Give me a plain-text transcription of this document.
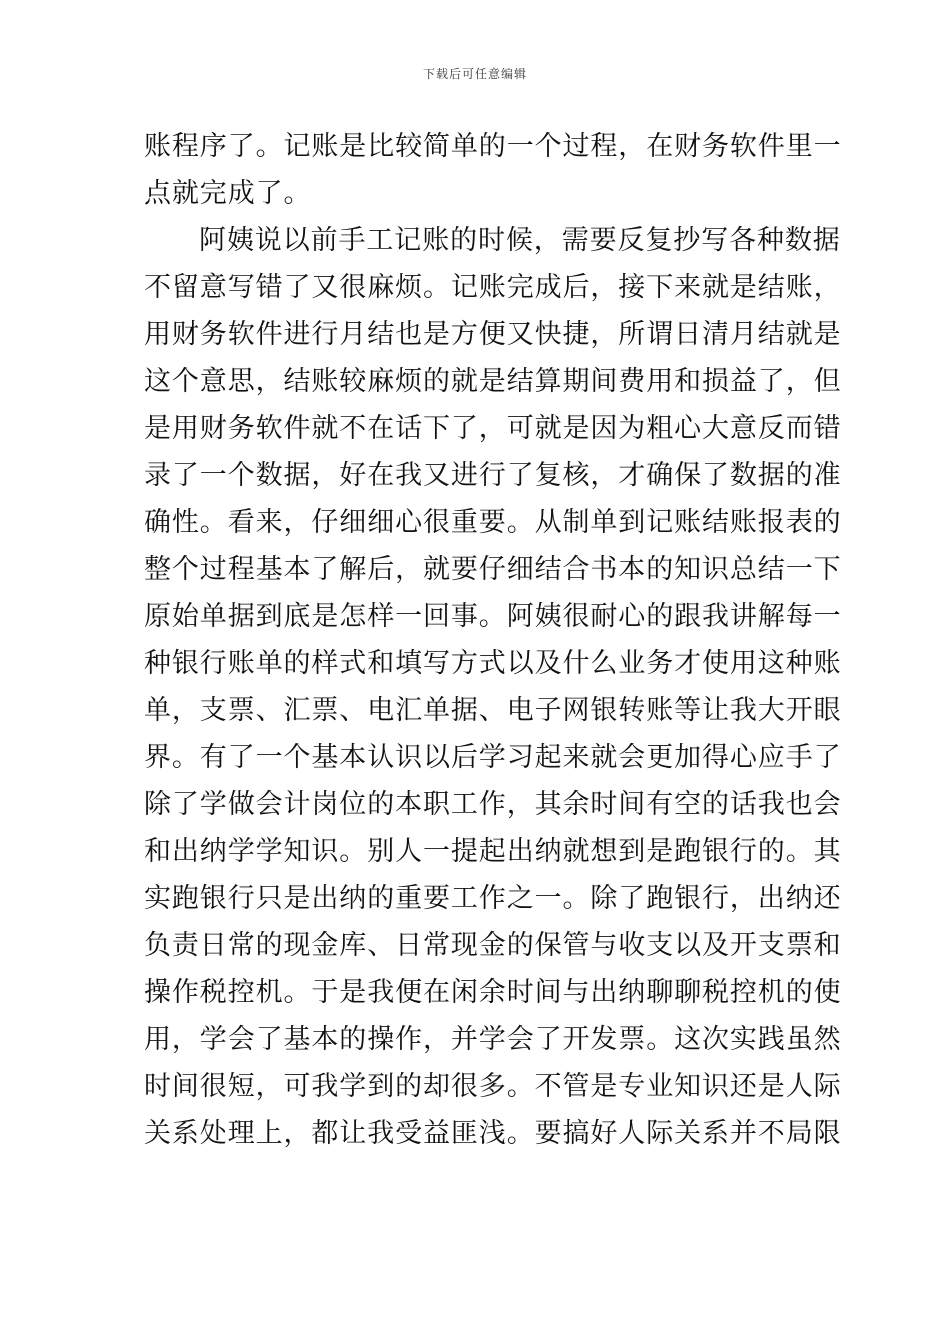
下载后可任意编辑
账程序了。记账是比较简单的一个过程，在财务软件里一
点就完成了。
阿姨说以前手工记账的时候，需要反复抄写各种数据
不留意写错了又很麻烦。记账完成后，接下来就是结账，
用财务软件进行月结也是方便又快捷，所谓日清月结就是
这个意思，结账较麻烦的就是结算期间费用和损益了，但
是用财务软件就不在话下了，可就是因为粗心大意反而错
录了一个数据，好在我又进行了复核，才确保了数据的准
确性。看来，仔细细心很重要。从制单到记账结账报表的
整个过程基本了解后，就要仔细结合书本的知识总结一下
原始单据到底是怎样一回事。阿姨很耐心的跟我讲解每一
种银行账单的样式和填写方式以及什么业务才使用这种账
单，支票、汇票、电汇单据、电子网银转账等让我大开眼
界。有了一个基本认识以后学习起来就会更加得心应手了
除了学做会计岗位的本职工作，其余时间有空的话我也会
和出纳学学知识。别人一提起出纳就想到是跑银行的。其
实跑银行只是出纳的重要工作之一。除了跑银行，出纳还
负责日常的现金库、日常现金的保管与收支以及开支票和
操作税控机。于是我便在闲余时间与出纳聊聊税控机的使
用，学会了基本的操作，并学会了开发票。这次实践虽然
时间很短，可我学到的却很多。不管是专业知识还是人际
关系处理上，都让我受益匪浅。要搞好人际关系并不局限
